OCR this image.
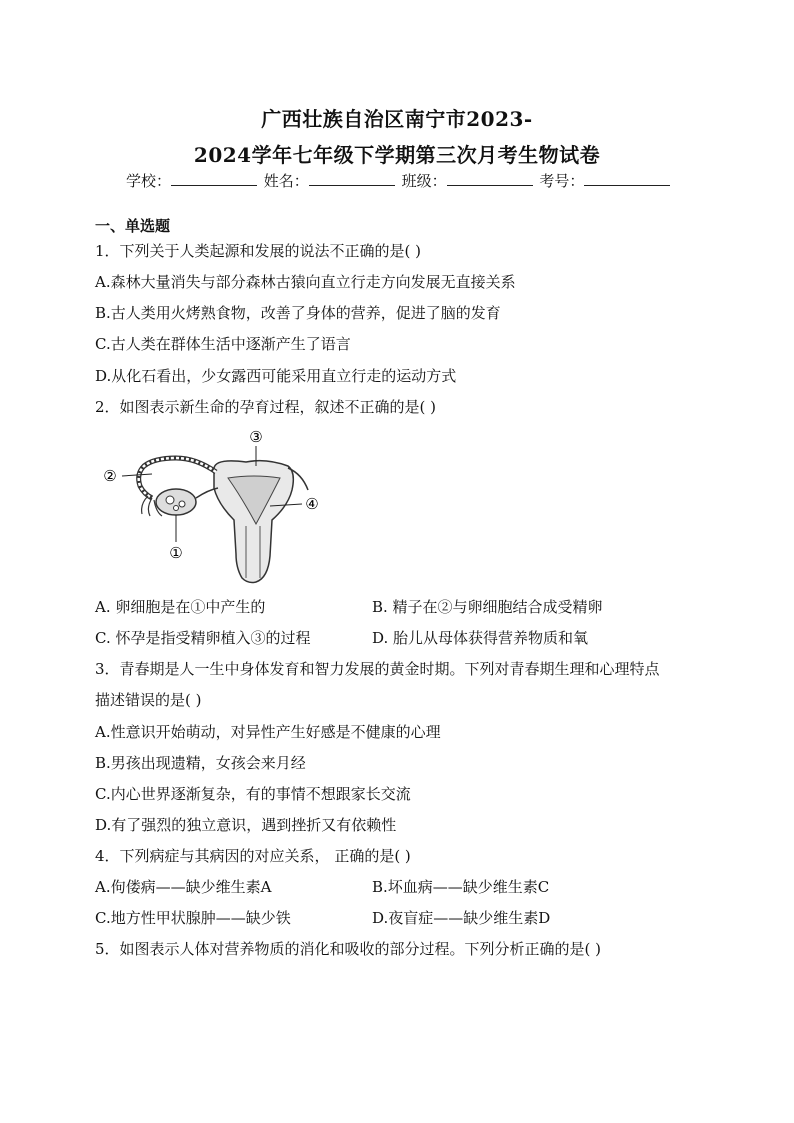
广西壮族自治区南宁市2023-
2024学年七年级下学期第三次月考生物试卷
学校：	姓名：	班级：	考号：
一、单选题
1．下列关于人类起源和发展的说法不正确的是( )
A.森林大量消失与部分森林古猿向直立行走方向发展无直接关系
B.古人类用火烤熟食物，改善了身体的营养，促进了脑的发育
C.古人类在群体生活中逐渐产生了语言
D.从化石看出，少女露西可能采用直立行走的运动方式
2．如图表示新生命的孕育过程，叙述不正确的是( )
③
②
④
①
A. 卵细胞是在①中产生的	B. 精子在②与卵细胞结合成受精卵
C. 怀孕是指受精卵植入③的过程	D. 胎儿从母体获得营养物质和氧
3．青春期是人一生中身体发育和智力发展的黄金时期。下列对青春期生理和心理特点
描述错误的是( )
A.性意识开始萌动，对异性产生好感是不健康的心理
B.男孩出现遗精，女孩会来月经
C.内心世界逐渐复杂，有的事情不想跟家长交流
D.有了强烈的独立意识，遇到挫折又有依赖性
4．下列病症与其病因的对应关系， 正确的是( )
A.佝偻病——缺少维生素A	B.坏血病——缺少维生素C
C.地方性甲状腺肿——缺少铁	D.夜盲症——缺少维生素D
5．如图表示人体对营养物质的消化和吸收的部分过程。下列分析正确的是( )
